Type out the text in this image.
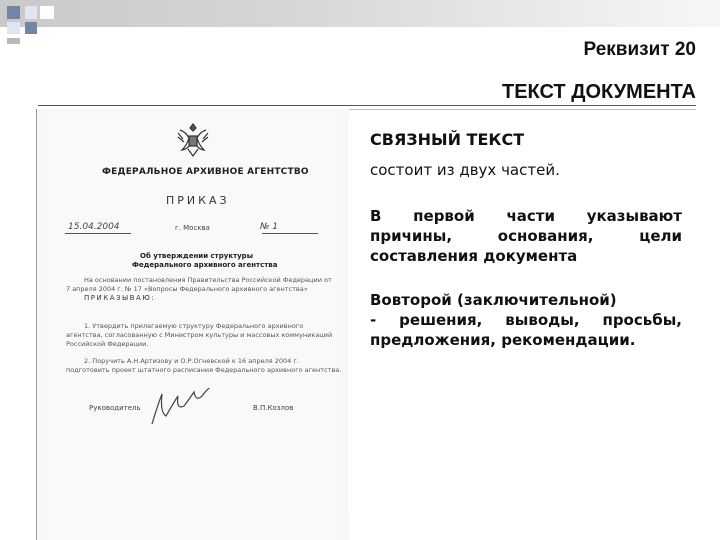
Реквизит 20
ТЕКСТ ДОКУМЕНТА
ФЕДЕРАЛЬНОЕ АРХИВНОЕ АГЕНТСТВО
ПРИКАЗ
15.04.2004	г. Москва	№ 1
Об утверждении структуры
Федерального архивного агентства
На основании постановления Правительства Российской Федерации от
7 апреля 2004 г. № 17 «Вопросы Федерального архивного агентства»
ПРИКАЗЫВАЮ:
1. Утвердить прилагаемую структуру Федерального архивного
агентства, согласованную с Министром культуры и массовых коммуникаций
Российской Федерации.
2. Поручить А.Н.Артизову и О.Р.Огневской к 16 апреля 2004 г.
подготовить проект штатного расписания Федерального архивного агентства.
Руководитель	В.П.Козлов
СВЯЗНЫЙ ТЕКСТ
состоит из двух частей.
В первой части указывают
причины,	основания,	цели
составления документа
Вовторой (заключительной)
- решения, выводы, просьбы,
предложения, рекомендации.
